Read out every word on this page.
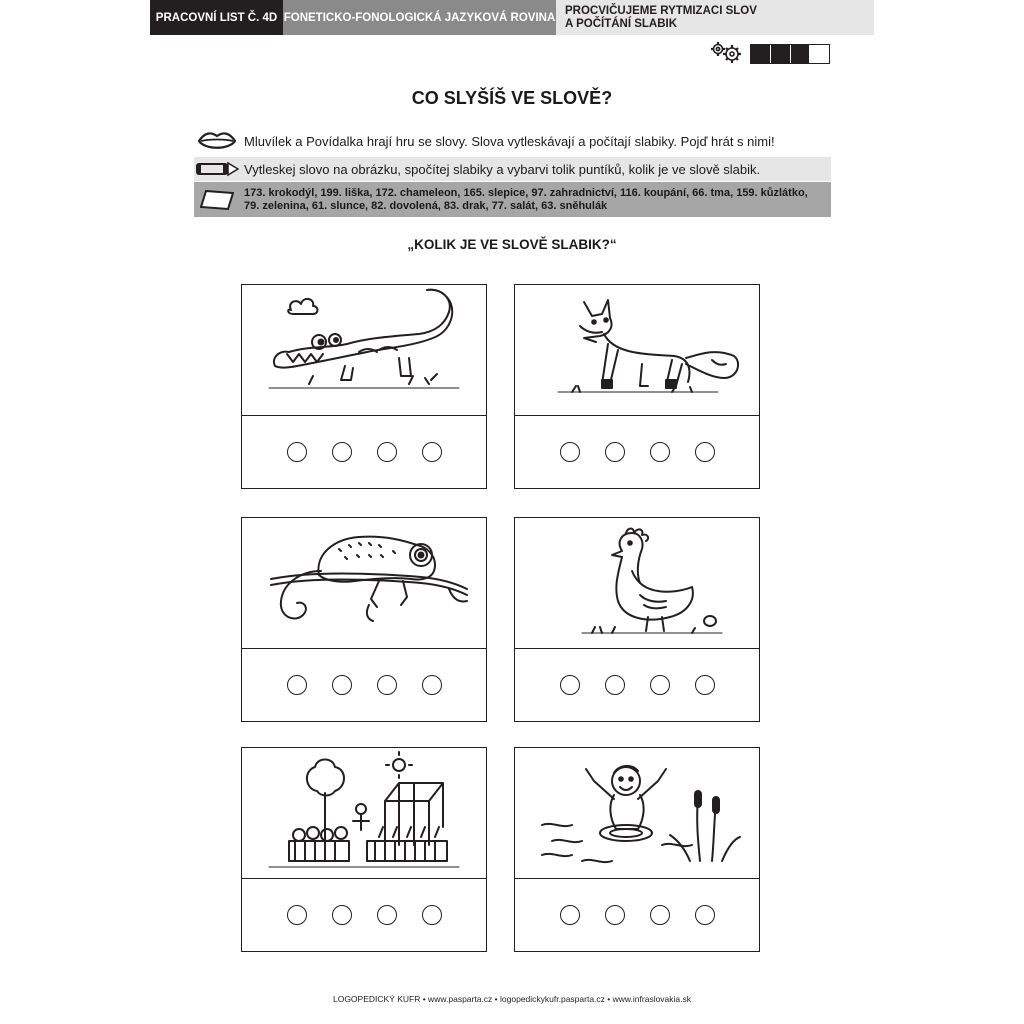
PRACOVNÍ LIST Č. 4D FONETICKO-FONOLOGICKÁ JAZYKOVÁ ROVINA
PROCVIČUJEME RYTMIZACI SLOV
A POČÍTÁNÍ SLABIK
CO SLYŠÍŠ VE SLOVĚ?
Mluvílek a Povídalka hrají hru se slovy. Slova vytleskávají a počítají slabiky. Pojď hrát s nimi!
Vytleskej slovo na obrázku, spočítej slabiky a vybarvi tolik puntíků, kolik je ve slově slabik.
173. krokodýl, 199. liška, 172. chameleon, 165. slepice, 97. zahradnictví, 116. koupání, 66. tma, 159. kůzlátko,
79. zelenina, 61. slunce, 82. dovolená, 83. drak, 77. salát, 63. sněhulák
„KOLIK JE VE SLOVĚ SLABIK?“
LOGOPEDICKÝ KUFR • www.pasparta.cz • logopedickykufr.pasparta.cz • www.infraslovakia.sk
